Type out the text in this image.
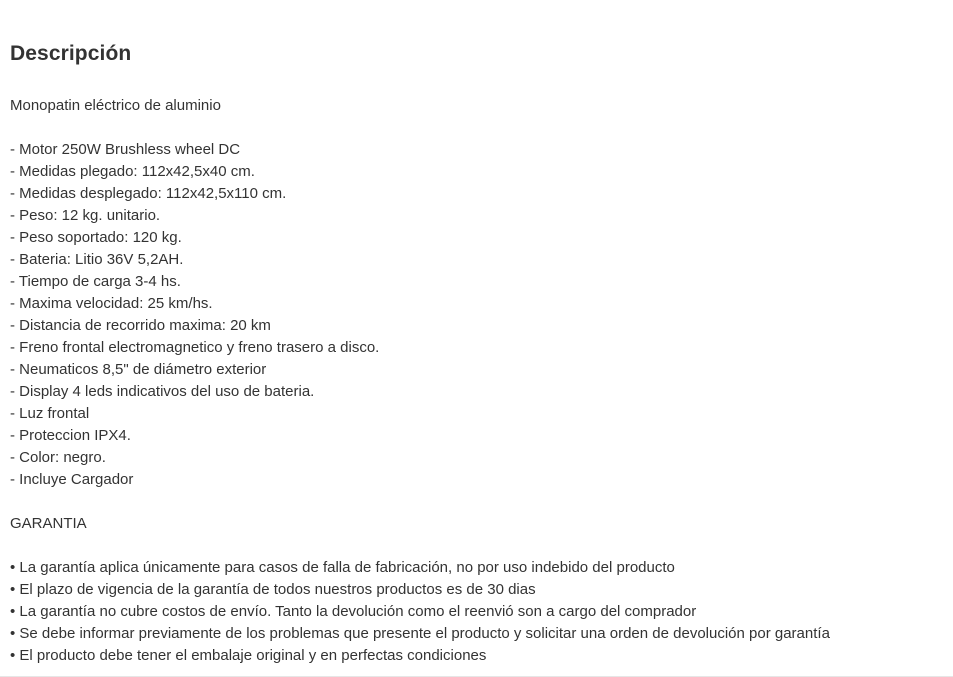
Descripción

Monopatin eléctrico de aluminio

- Motor 250W Brushless wheel DC
- Medidas plegado: 112x42,5x40 cm.
- Medidas desplegado: 112x42,5x110 cm.
- Peso: 12 kg. unitario.
- Peso soportado: 120 kg.
- Bateria: Litio 36V 5,2AH.
- Tiempo de carga 3-4 hs.
- Maxima velocidad: 25 km/hs.
- Distancia de recorrido maxima: 20 km
- Freno frontal electromagnetico y freno trasero a disco.
- Neumaticos 8,5" de diámetro exterior
- Display 4 leds indicativos del uso de bateria.
- Luz frontal
- Proteccion IPX4.
- Color: negro.
- Incluye Cargador

GARANTIA

• La garantía aplica únicamente para casos de falla de fabricación, no por uso indebido del producto
• El plazo de vigencia de la garantía de todos nuestros productos es de 30 dias
• La garantía no cubre costos de envío. Tanto la devolución como el reenvió son a cargo del comprador
• Se debe informar previamente de los problemas que presente el producto y solicitar una orden de devolución por garantía
• El producto debe tener el embalaje original y en perfectas condiciones
